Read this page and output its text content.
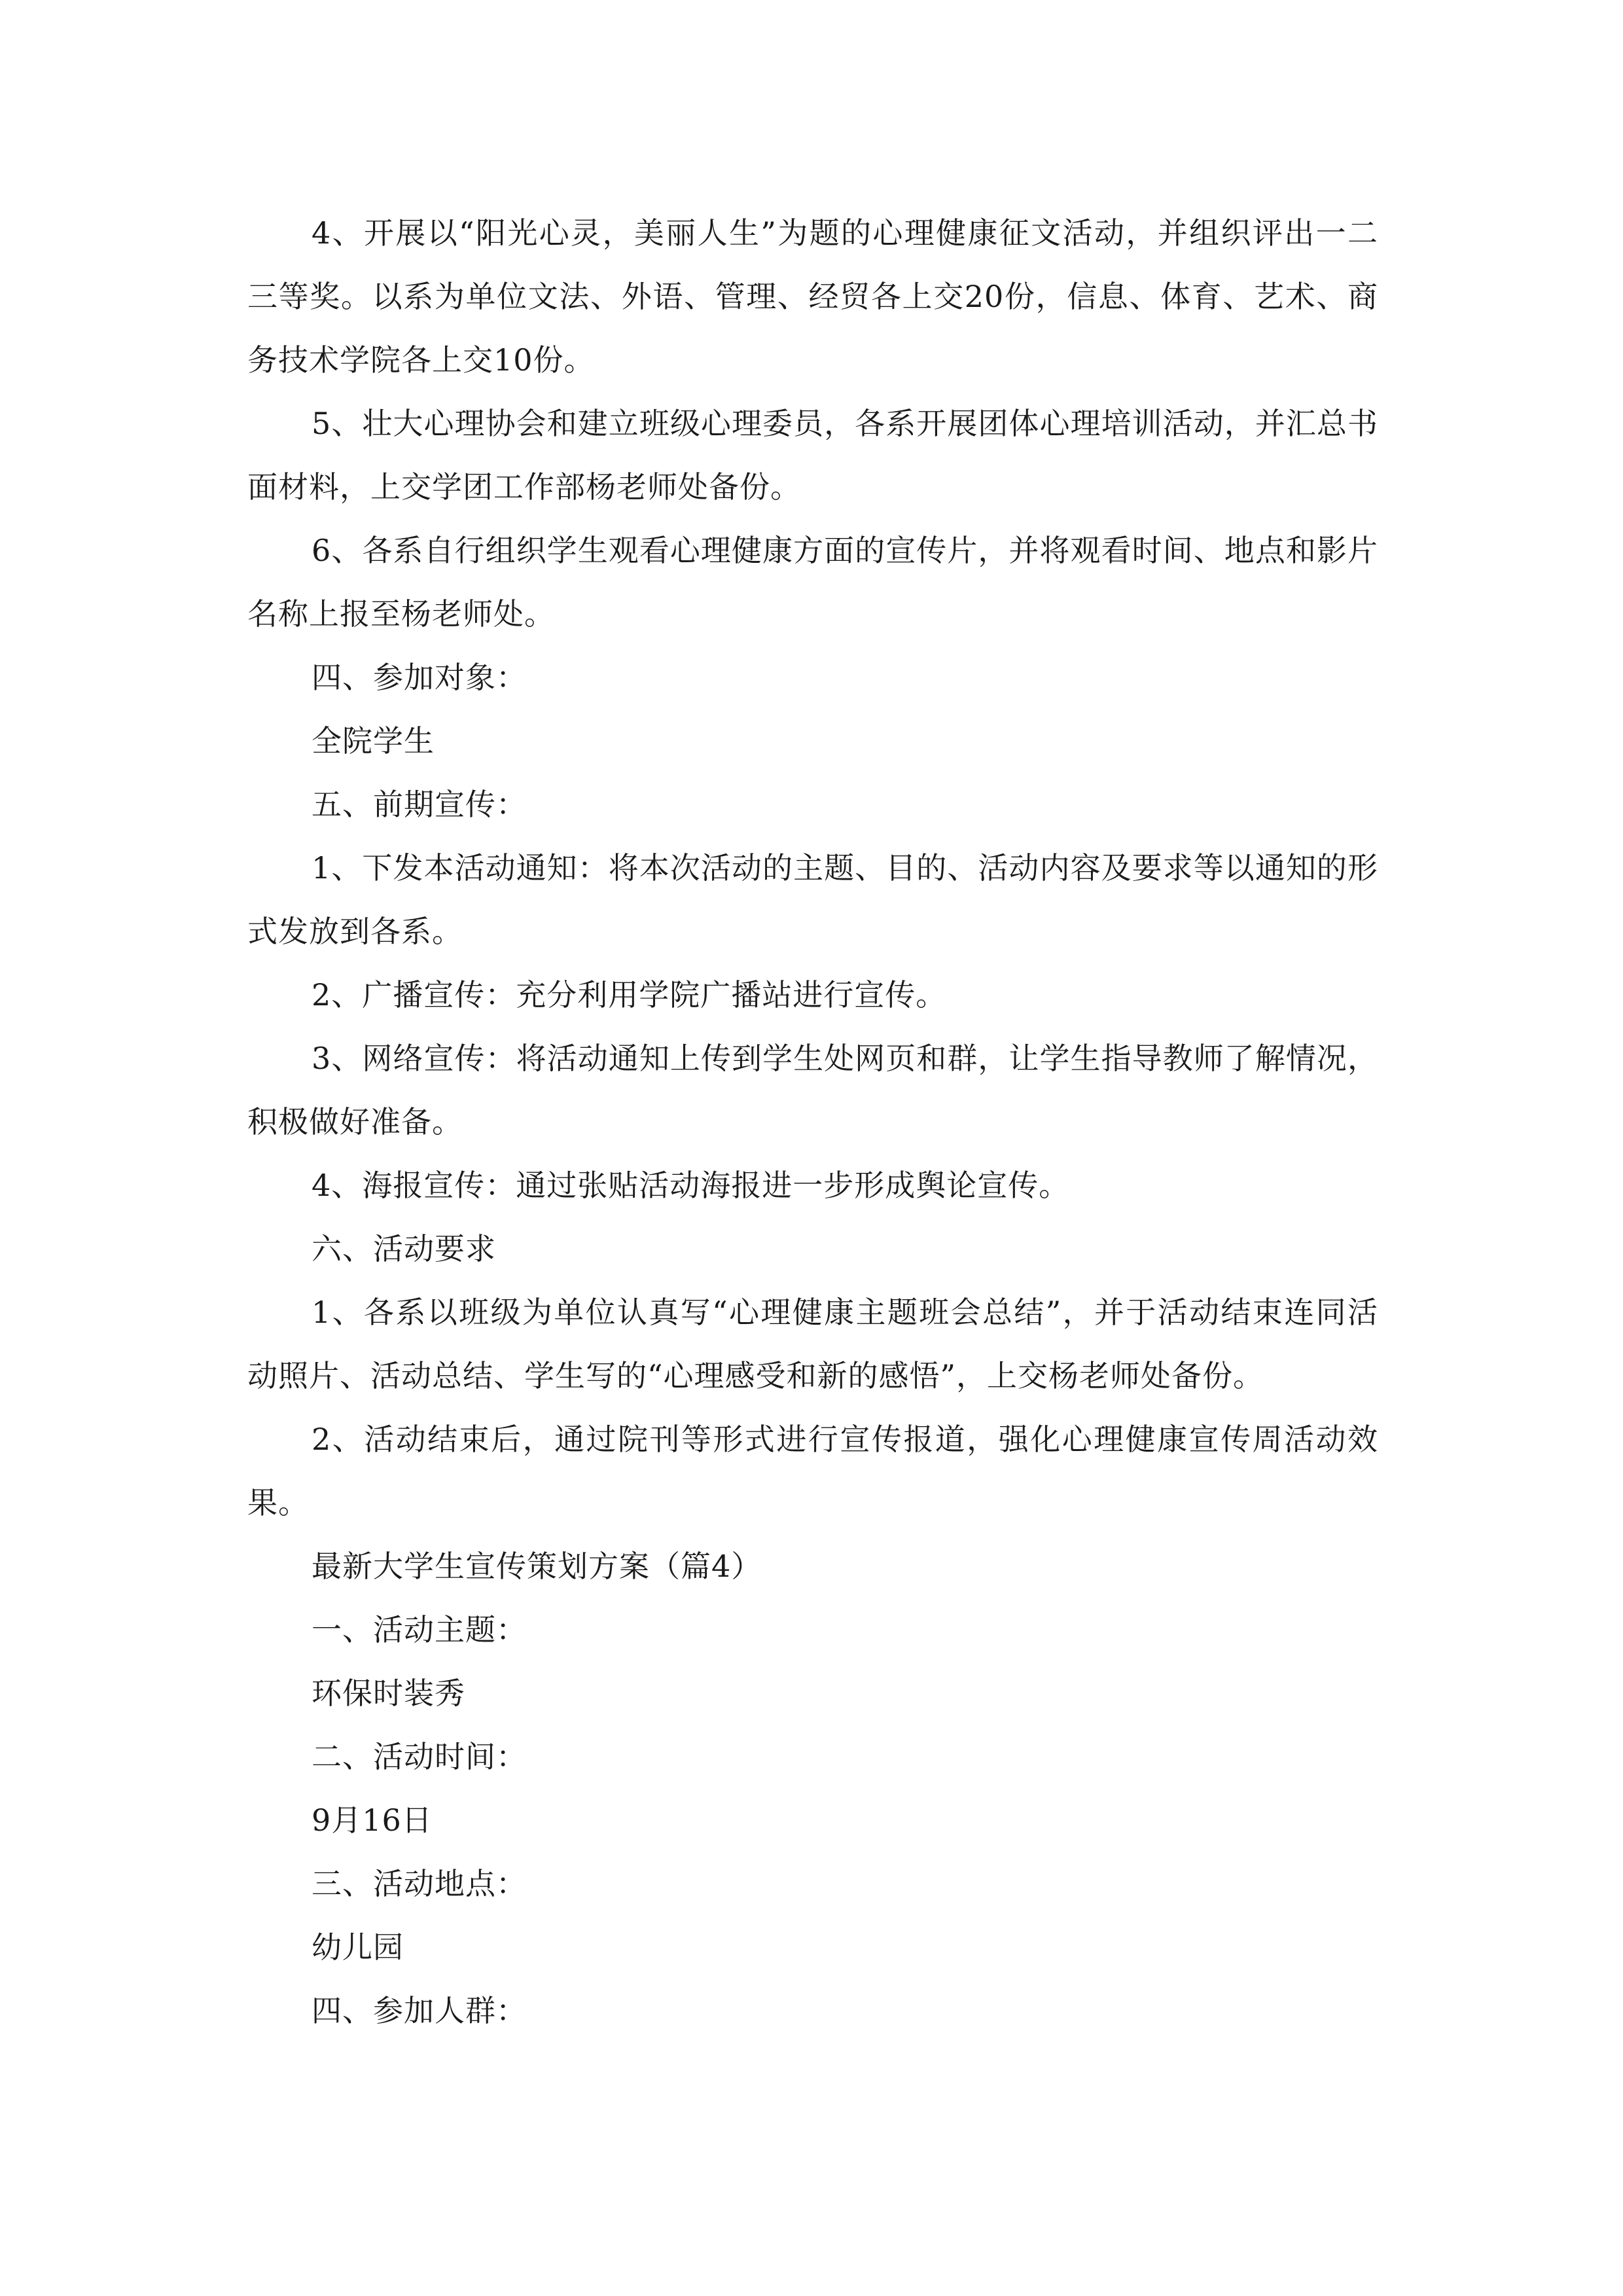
4、开展以“阳光心灵，美丽人生”为题的心理健康征文活动，并组织评出一二三等奖。以系为单位文法、外语、管理、经贸各上交20份，信息、体育、艺术、商务技术学院各上交10份。

5、壮大心理协会和建立班级心理委员，各系开展团体心理培训活动，并汇总书面材料，上交学团工作部杨老师处备份。

6、各系自行组织学生观看心理健康方面的宣传片，并将观看时间、地点和影片名称上报至杨老师处。

四、参加对象：

全院学生

五、前期宣传：

1、下发本活动通知：将本次活动的主题、目的、活动内容及要求等以通知的形式发放到各系。

2、广播宣传：充分利用学院广播站进行宣传。

3、网络宣传：将活动通知上传到学生处网页和群，让学生指导教师了解情况，积极做好准备。

4、海报宣传：通过张贴活动海报进一步形成舆论宣传。

六、活动要求

1、各系以班级为单位认真写“心理健康主题班会总结”，并于活动结束连同活动照片、活动总结、学生写的“心理感受和新的感悟”，上交杨老师处备份。

2、活动结束后，通过院刊等形式进行宣传报道，强化心理健康宣传周活动效果。

最新大学生宣传策划方案（篇4）

一、活动主题：

环保时装秀

二、活动时间：

9月16日

三、活动地点：

幼儿园

四、参加人群：
